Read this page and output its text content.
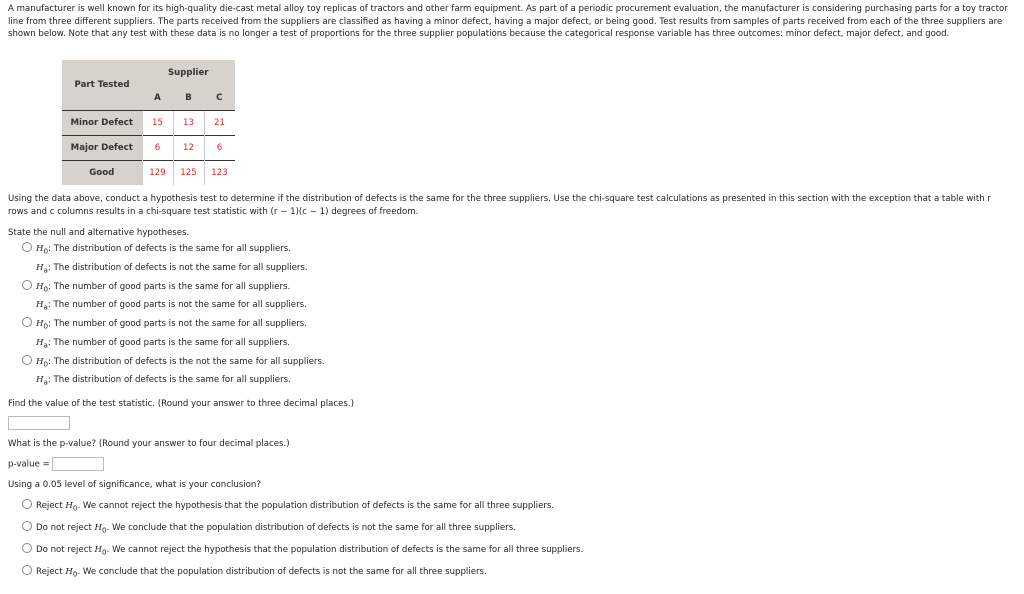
A manufacturer is well known for its high-quality die-cast metal alloy toy replicas of tractors and other farm equipment. As part of a periodic procurement evaluation, the manufacturer is considering purchasing parts for a toy tractor line from three different suppliers. The parts received from the suppliers are classified as having a minor defect, having a major defect, or being good. Test results from samples of parts received from each of the three suppliers are shown below. Note that any test with these data is no longer a test of proportions for the three supplier populations because the categorical response variable has three outcomes: minor defect, major defect, and good.
Part Tested	Supplier		
	A	B	C
Minor Defect	15	13	21
Major Defect	6	12	6
Good	129	125	123
Using the data above, conduct a hypothesis test to determine if the distribution of defects is the same for the three suppliers. Use the chi-square test calculations as presented in this section with the exception that a table with r rows and c columns results in a chi-square test statistic with (r − 1)(c − 1) degrees of freedom.
State the null and alternative hypotheses.
$H_0$: The distribution of defects is the same for all suppliers.
$H_a$: The distribution of defects is not the same for all suppliers.
$H_0$: The number of good parts is the same for all suppliers.
$H_a$: The number of good parts is not the same for all suppliers.
$H_0$: The number of good parts is not the same for all suppliers.
$H_a$: The number of good parts is the same for all suppliers.
$H_0$: The distribution of defects is the not the same for all suppliers.
$H_a$: The distribution of defects is the same for all suppliers.
Find the value of the test statistic. (Round your answer to three decimal places.)
What is the p-value? (Round your answer to four decimal places.)
p-value =
Using a 0.05 level of significance, what is your conclusion?
Reject $H_0$. We cannot reject the hypothesis that the population distribution of defects is the same for all three suppliers.
Do not reject $H_0$. We conclude that the population distribution of defects is not the same for all three suppliers.
Do not reject $H_0$. We cannot reject the hypothesis that the population distribution of defects is the same for all three suppliers.
Reject $H_0$. We conclude that the population distribution of defects is not the same for all three suppliers.
